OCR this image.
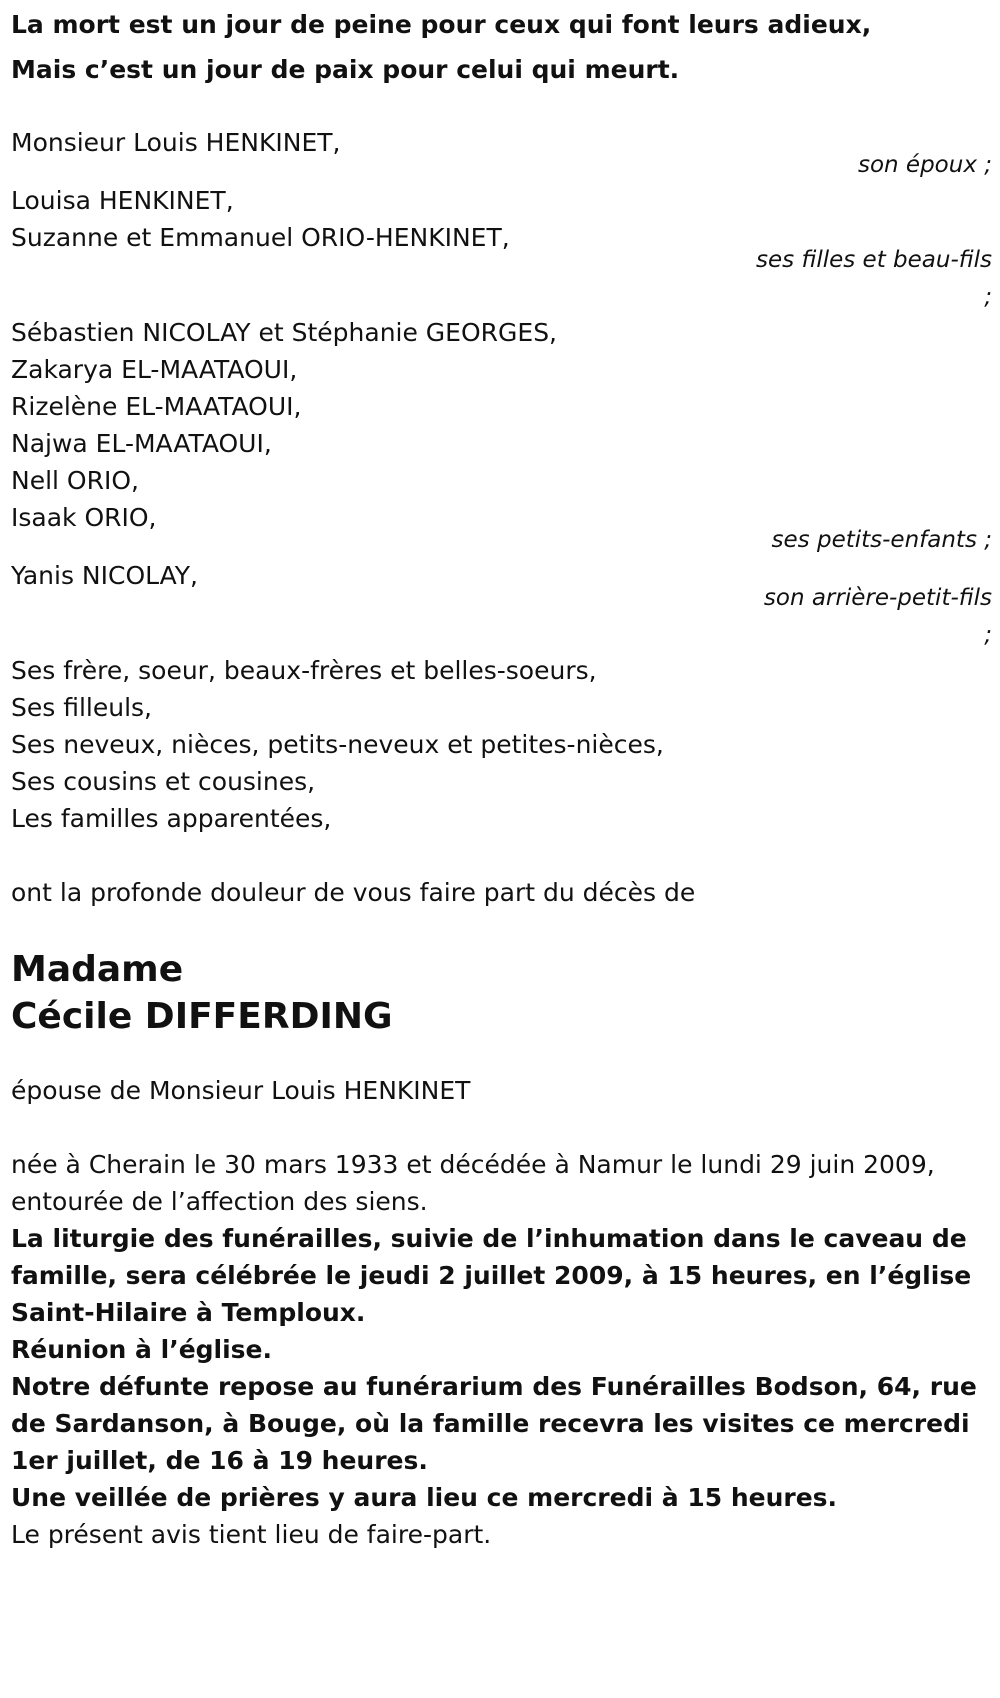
La mort est un jour de peine pour ceux qui font leurs adieux,
Mais c’est un jour de paix pour celui qui meurt.
Monsieur Louis HENKINET,
son époux ;
Louisa HENKINET,
Suzanne et Emmanuel ORIO-HENKINET,
ses filles et beau-fils
;
Sébastien NICOLAY et Stéphanie GEORGES,
Zakarya EL-MAATAOUI,
Rizelène EL-MAATAOUI,
Najwa EL-MAATAOUI,
Nell ORIO,
Isaak ORIO,
ses petits-enfants ;
Yanis NICOLAY,
son arrière-petit-fils
;
Ses frère, soeur, beaux-frères et belles-soeurs,
Ses filleuls,
Ses neveux, nièces, petits-neveux et petites-nièces,
Ses cousins et cousines,
Les familles apparentées,
ont la profonde douleur de vous faire part du décès de
Madame
Cécile DIFFERDING
épouse de Monsieur Louis HENKINET
née à Cherain le 30 mars 1933 et décédée à Namur le lundi 29 juin 2009,
entourée de l’affection des siens.
La liturgie des funérailles, suivie de l’inhumation dans le caveau de
famille, sera célébrée le jeudi 2 juillet 2009, à 15 heures, en l’église
Saint-Hilaire à Temploux.
Réunion à l’église.
Notre défunte repose au funérarium des Funérailles Bodson, 64, rue
de Sardanson, à Bouge, où la famille recevra les visites ce mercredi
1er juillet, de 16 à 19 heures.
Une veillée de prières y aura lieu ce mercredi à 15 heures.
Le présent avis tient lieu de faire-part.
